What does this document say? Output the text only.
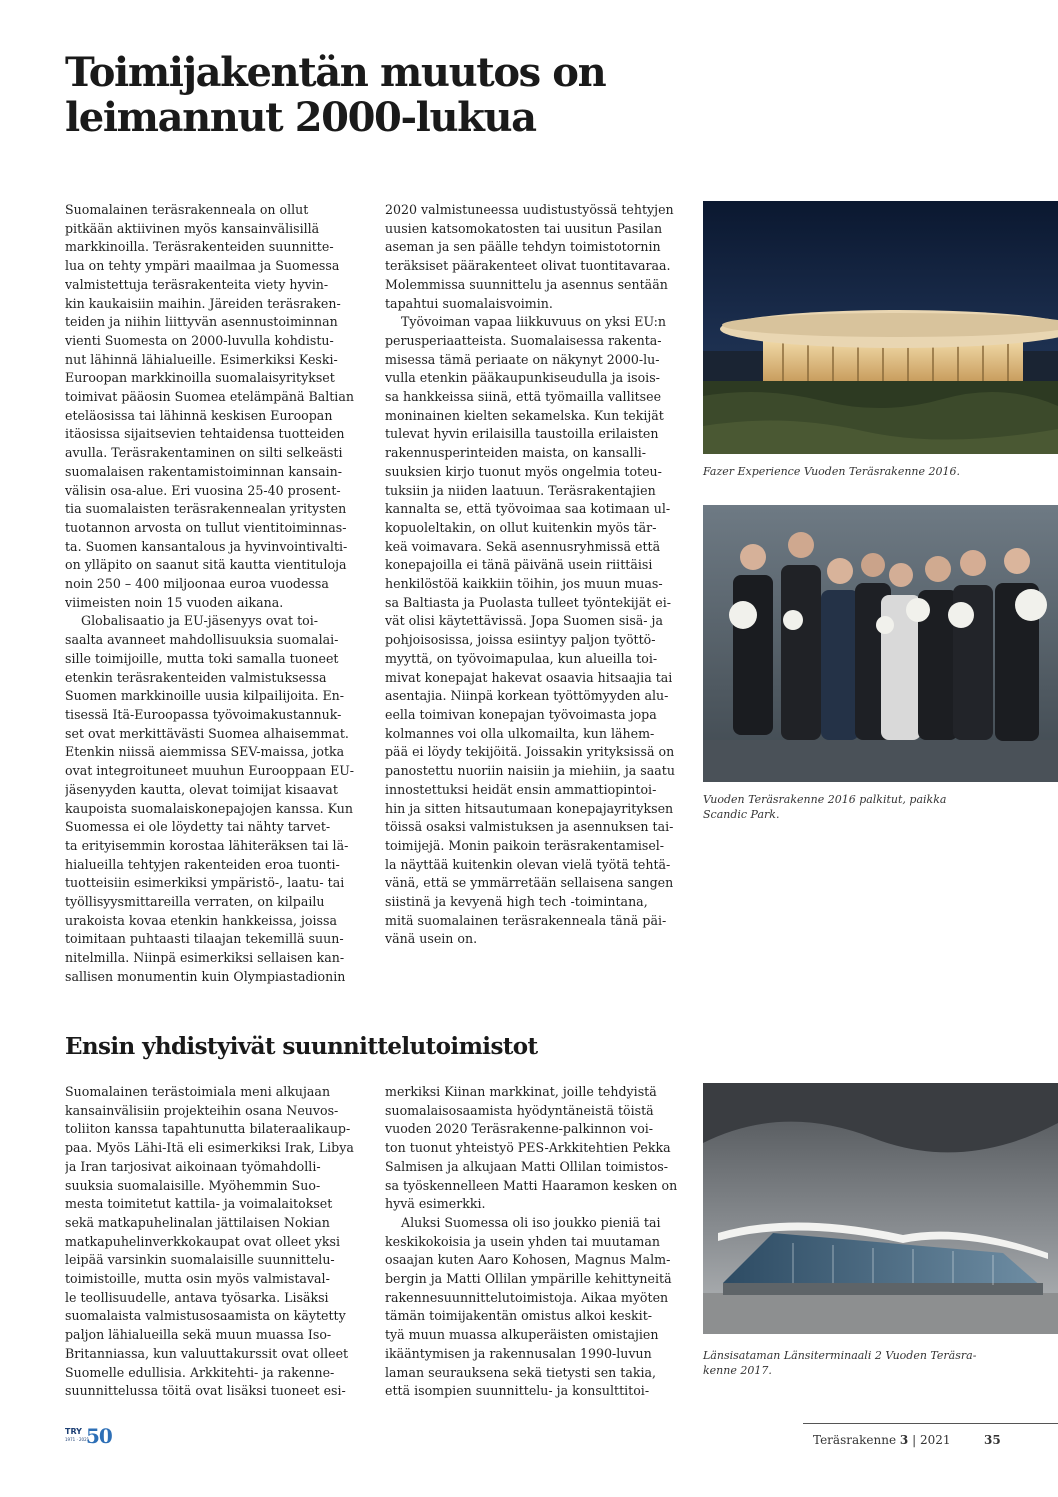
Toimijakentän muutos on
leimannut 2000-lukua
Suomalainen teräsrakenneala on ollut
pitkään aktiivinen myös kansainvälisillä
markkinoilla. Teräsrakenteiden suunnitte-
lua on tehty ympäri maailmaa ja Suomessa
valmistettuja teräsrakenteita viety hyvin-
kin kaukaisiin maihin. Järeiden teräsraken-
teiden ja niihin liittyvän asennustoiminnan
vienti Suomesta on 2000-luvulla kohdistu-
nut lähinnä lähialueille. Esimerkiksi Keski-
Euroopan markkinoilla suomalaisyritykset
toimivat pääosin Suomea etelämpänä Baltian
eteläosissa tai lähinnä keskisen Euroopan
itäosissa sijaitsevien tehtaidensa tuotteiden
avulla. Teräsrakentaminen on silti selkeästi
suomalaisen rakentamistoiminnan kansain-
välisin osa-alue. Eri vuosina 25-40 prosent-
tia suomalaisten teräsrakennealan yritysten
tuotannon arvosta on tullut vientitoiminnas-
ta. Suomen kansantalous ja hyvinvointivalti-
on ylläpito on saanut sitä kautta vientituloja
noin 250 – 400 miljoonaa euroa vuodessa
viimeisten noin 15 vuoden aikana.
Globalisaatio ja EU-jäsenyys ovat toi-
saalta avanneet mahdollisuuksia suomalai-
sille toimijoille, mutta toki samalla tuoneet
etenkin teräsrakenteiden valmistuksessa
Suomen markkinoille uusia kilpailijoita. En-
tisessä Itä-Euroopassa työvoimakustannuk-
set ovat merkittävästi Suomea alhaisemmat.
Etenkin niissä aiemmissa SEV-maissa, jotka
ovat integroituneet muuhun Eurooppaan EU-
jäsenyyden kautta, olevat toimijat kisaavat
kaupoista suomalaiskonepajojen kanssa. Kun
Suomessa ei ole löydetty tai nähty tarvet-
ta erityisemmin korostaa lähiteräksen tai lä-
hialueilla tehtyjen rakenteiden eroa tuonti-
tuotteisiin esimerkiksi ympäristö-, laatu- tai
työllisyysmittareilla verraten, on kilpailu
urakoista kovaa etenkin hankkeissa, joissa
toimitaan puhtaasti tilaajan tekemillä suun-
nitelmilla. Niinpä esimerkiksi sellaisen kan-
sallisen monumentin kuin Olympiastadionin
2020 valmistuneessa uudistustyössä tehtyjen
uusien katsomokatosten tai uusitun Pasilan
aseman ja sen päälle tehdyn toimistotornin
teräksiset päärakenteet olivat tuontitavaraa.
Molemmissa suunnittelu ja asennus sentään
tapahtui suomalaisvoimin.
Työvoiman vapaa liikkuvuus on yksi EU:n
perusperiaatteista. Suomalaisessa rakenta-
misessa tämä periaate on näkynyt 2000-lu-
vulla etenkin pääkaupunkiseudulla ja isois-
sa hankkeissa siinä, että työmailla vallitsee
moninainen kielten sekamelska. Kun tekijät
tulevat hyvin erilaisilla taustoilla erilaisten
rakennusperinteiden maista, on kansalli-
suuksien kirjo tuonut myös ongelmia toteu-
tuksiin ja niiden laatuun. Teräsrakentajien
kannalta se, että työvoimaa saa kotimaan ul-
kopuoleltakin, on ollut kuitenkin myös tär-
keä voimavara. Sekä asennusryhmissä että
konepajoilla ei tänä päivänä usein riittäisi
henkilöstöä kaikkiin töihin, jos muun muas-
sa Baltiasta ja Puolasta tulleet työntekijät ei-
vät olisi käytettävissä. Jopa Suomen sisä- ja
pohjoisosissa, joissa esiintyy paljon työttö-
myyttä, on työvoimapulaa, kun alueilla toi-
mivat konepajat hakevat osaavia hitsaajia tai
asentajia. Niinpä korkean työttömyyden alu-
eella toimivan konepajan työvoimasta jopa
kolmannes voi olla ulkomailta, kun lähem-
pää ei löydy tekijöitä. Joissakin yrityksissä on
panostettu nuoriin naisiin ja miehiin, ja saatu
innostettuksi heidät ensin ammattiopintoi-
hin ja sitten hitsautumaan konepajayrityksen
töissä osaksi valmistuksen ja asennuksen tai-
toimijejä. Monin paikoin teräsrakentamisel-
la näyttää kuitenkin olevan vielä työtä tehtä-
vänä, että se ymmärretään sellaisena sangen
siistinä ja kevyenä high tech -toimintana,
mitä suomalainen teräsrakenneala tänä päi-
vänä usein on.
Fazer Experience Vuoden Teräsrakenne 2016.
Vuoden Teräsrakenne 2016 palkitut, paikka
Scandic Park.
Ensin yhdistyivät suunnittelutoimistot
Suomalainen terästoimiala meni alkujaan
kansainvälisiin projekteihin osana Neuvos-
toliiton kanssa tapahtunutta bilateraalikaup-
paa. Myös Lähi-Itä eli esimerkiksi Irak, Libya
ja Iran tarjosivat aikoinaan työmahdolli-
suuksia suomalaisille. Myöhemmin Suo-
mesta toimitetut kattila- ja voimalaitokset
sekä matkapuhelinalan jättilaisen Nokian
matkapuhelinverkkokaupat ovat olleet yksi
leipää varsinkin suomalaisille suunnittelu-
toimistoille, mutta osin myös valmistaval-
le teollisuudelle, antava työsarka. Lisäksi
suomalaista valmistusosaamista on käytetty
paljon lähialueilla sekä muun muassa Iso-
Britanniassa, kun valuuttakurssit ovat olleet
Suomelle edullisia. Arkkitehti- ja rakenne-
suunnittelussa töitä ovat lisäksi tuoneet esi-
merkiksi Kiinan markkinat, joille tehdyistä
suomalaisosaamista hyödyntäneistä töistä
vuoden 2020 Teräsrakenne-palkinnon voi-
ton tuonut yhteistyö PES-Arkkitehtien Pekka
Salmisen ja alkujaan Matti Ollilan toimistos-
sa työskennelleen Matti Haaramon kesken on
hyvä esimerkki.
Aluksi Suomessa oli iso joukko pieniä tai
keskikokoisia ja usein yhden tai muutaman
osaajan kuten Aaro Kohosen, Magnus Malm-
bergin ja Matti Ollilan ympärille kehittyneitä
rakennesuunnittelutoimistoja. Aikaa myöten
tämän toimijakentän omistus alkoi keskit-
tyä muun muassa alkuperäisten omistajien
ikääntymisen ja rakennusalan 1990-luvun
laman seurauksena sekä tietysti sen takia,
että isompien suunnittelu- ja konsulttitoi-
Länsisataman Länsiterminaali 2 Vuoden Teräsra-
kenne 2017.
TRY
1971 · 2021
50	Teräsrakenne 3 | 2021	35
